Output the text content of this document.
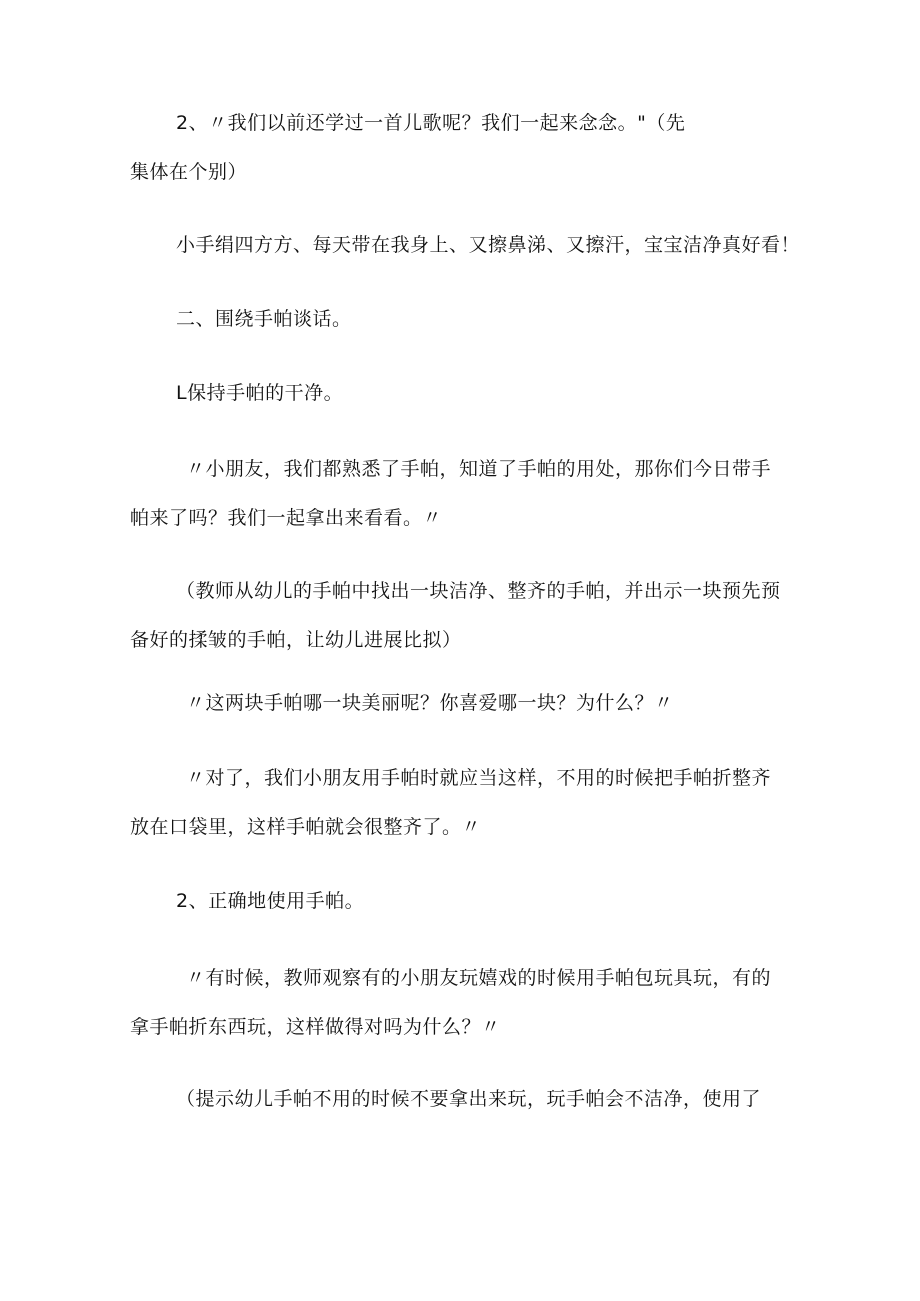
2、〃我们以前还学过一首儿歌呢？我们一起来念念。"（先
集体在个别）
小手绢四方方、每天带在我身上、又擦鼻涕、又擦汗，宝宝洁净真好看！
二、围绕手帕谈话。
L保持手帕的干净。
〃小朋友，我们都熟悉了手帕，知道了手帕的用处，那你们今日带手
帕来了吗？我们一起拿出来看看。〃
（教师从幼儿的手帕中找出一块洁净、整齐的手帕，并出示一块预先预
备好的揉皱的手帕，让幼儿进展比拟）
〃这两块手帕哪一块美丽呢？你喜爱哪一块？为什么？〃
〃对了，我们小朋友用手帕时就应当这样，不用的时候把手帕折整齐
放在口袋里，这样手帕就会很整齐了。〃
2、正确地使用手帕。
〃有时候，教师观察有的小朋友玩嬉戏的时候用手帕包玩具玩，有的
拿手帕折东西玩，这样做得对吗为什么？〃
（提示幼儿手帕不用的时候不要拿出来玩，玩手帕会不洁净，使用了
